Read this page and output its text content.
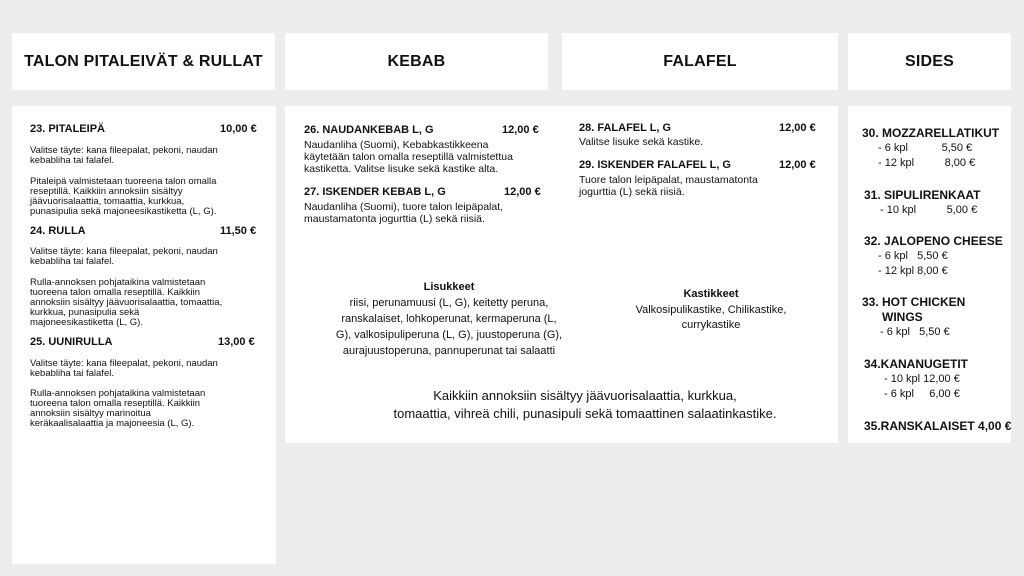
TALON PITALEIVÄT & RULLAT	KEBAB	FALAFEL	SIDES
23. PITALEIPÄ	10,00 €
Valitse täyte: kana fileepalat, pekoni, naudan
kebabliha tai falafel.
Pitaleipä valmistetaan tuoreena talon omalla
reseptillä. Kaikkiin annoksiin sisältyy
jäävuorisalaattia, tomaattia, kurkkua,
punasipulia sekä majoneesikastiketta (L, G).
24. RULLA	11,50 €
Valitse täyte: kana fileepalat, pekoni, naudan
kebabliha tai falafel.
Rulla-annoksen pohjataikina valmistetaan
tuoreena talon omalla reseptillä. Kaikkiin
annoksiin sisältyy jäävuorisalaattia, tomaattia,
kurkkua, punasipulia sekä
majoneesikastiketta (L, G).
25. UUNIRULLA	13,00 €
Valitse täyte: kana fileepalat, pekoni, naudan
kebabliha tai falafel.
Rulla-annoksen pohjataikina valmistetaan
tuoreena talon omalla reseptillä. Kaikkiin
annoksiin sisältyy marinoitua
keräkaalisalaattia ja majoneesia (L, G).
26. NAUDANKEBAB L, G	12,00 €
Naudanliha (Suomi), Kebabkastikkeena
käytetään talon omalla reseptillä valmistettua
kastiketta. Valitse lisuke sekä kastike alta.
27. ISKENDER KEBAB L, G	12,00 €
Naudanliha (Suomi), tuore talon leipäpalat,
maustamatonta jogurttia (L) sekä riisiä.
28. FALAFEL L, G	12,00 €
Valitse lisuke sekä kastike.
29. ISKENDER FALAFEL L, G	12,00 €
Tuore talon leipäpalat, maustamatonta
jogurttia (L) sekä riisiä.
Lisukkeet
riisi, perunamuusi (L, G), keitetty peruna,
ranskalaiset, lohkoperunat, kermaperuna (L,
G), valkosipuliperuna (L, G), juustoperuna (G),
aurajuustoperuna, pannuperunat tai salaatti
Kastikkeet
Valkosipulikastike, Chilikastike,
currykastike
Kaikkiin annoksiin sisältyy jäävuorisalaattia, kurkkua,
tomaattia, vihreä chili, punasipuli sekä tomaattinen salaatinkastike.
30. MOZZARELLATIKUT
- 6 kpl           5,50 €
- 12 kpl          8,00 €
31. SIPULIRENKAAT
- 10 kpl          5,00 €
32. JALOPENO CHEESE
- 6 kpl   5,50 €
- 12 kpl 8,00 €
33. HOT CHICKEN
WINGS
- 6 kpl   5,50 €
34.KANANUGETIT
- 10 kpl 12,00 €
- 6 kpl     6,00 €
35.RANSKALAISET 4,00 €
